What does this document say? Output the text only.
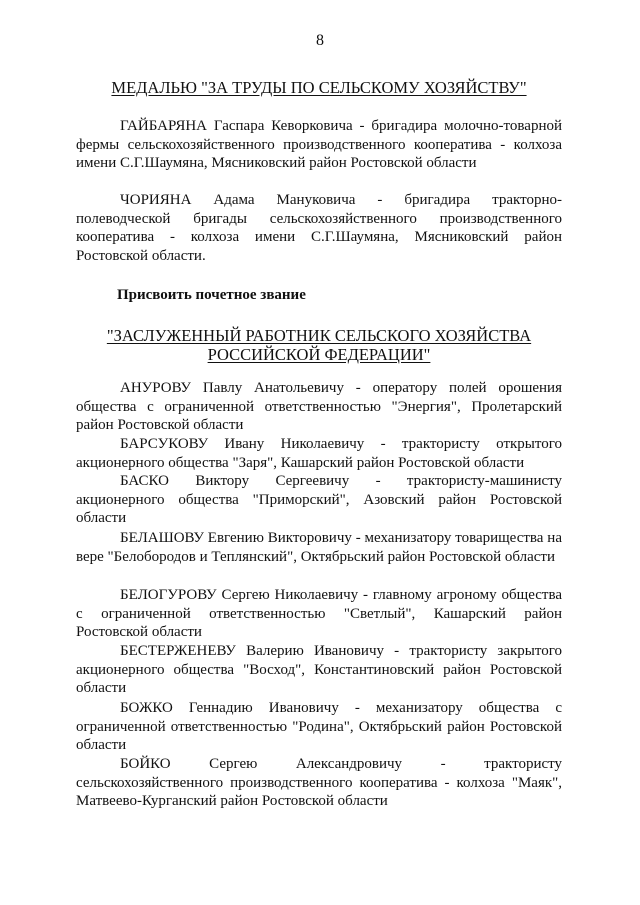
8
МЕДАЛЬЮ "ЗА ТРУДЫ ПО СЕЛЬСКОМУ ХОЗЯЙСТВУ"

ГАЙБАРЯНА Гаспара Кеворковича - бригадира молочно-товарной фермы сельскохозяйственного производственного кооператива - колхоза имени С.Г.Шаумяна, Мясниковский район Ростовской области

ЧОРИЯНА Адама Мануковича - бригадира тракторно-полеводческой бригады сельскохозяйственного производственного кооператива - колхоза имени С.Г.Шаумяна, Мясниковский район Ростовской области.

Присвоить почетное звание
"ЗАСЛУЖЕННЫЙ РАБОТНИК СЕЛЬСКОГО ХОЗЯЙСТВА
РОССИЙСКОЙ ФЕДЕРАЦИИ"

АНУРОВУ Павлу Анатольевичу - оператору полей орошения общества с ограниченной ответственностью "Энергия", Пролетарский район Ростовской области

БАРСУКОВУ Ивану Николаевичу - трактористу открытого акционерного общества "Заря", Кашарский район Ростовской области

БАСКО Виктору Сергеевичу - трактористу-машинисту акционерного общества "Приморский", Азовский район Ростовской области

БЕЛАШОВУ Евгению Викторовичу - механизатору товарищества на вере "Белобородов и Теплянский", Октябрьский район Ростовской области

БЕЛОГУРОВУ Сергею Николаевичу - главному агроному общества с ограниченной ответственностью "Светлый", Кашарский район Ростовской области

БЕСТЕРЖЕНЕВУ Валерию Ивановичу - трактористу закрытого акционерного общества "Восход", Константиновский район Ростовской области

БОЖКО Геннадию Ивановичу - механизатору общества с ограниченной ответственностью "Родина", Октябрьский район Ростовской области

БОЙКО Сергею Александровичу - трактористу сельскохозяйственного производственного кооператива - колхоза "Маяк", Матвеево-Курганский район Ростовской области
